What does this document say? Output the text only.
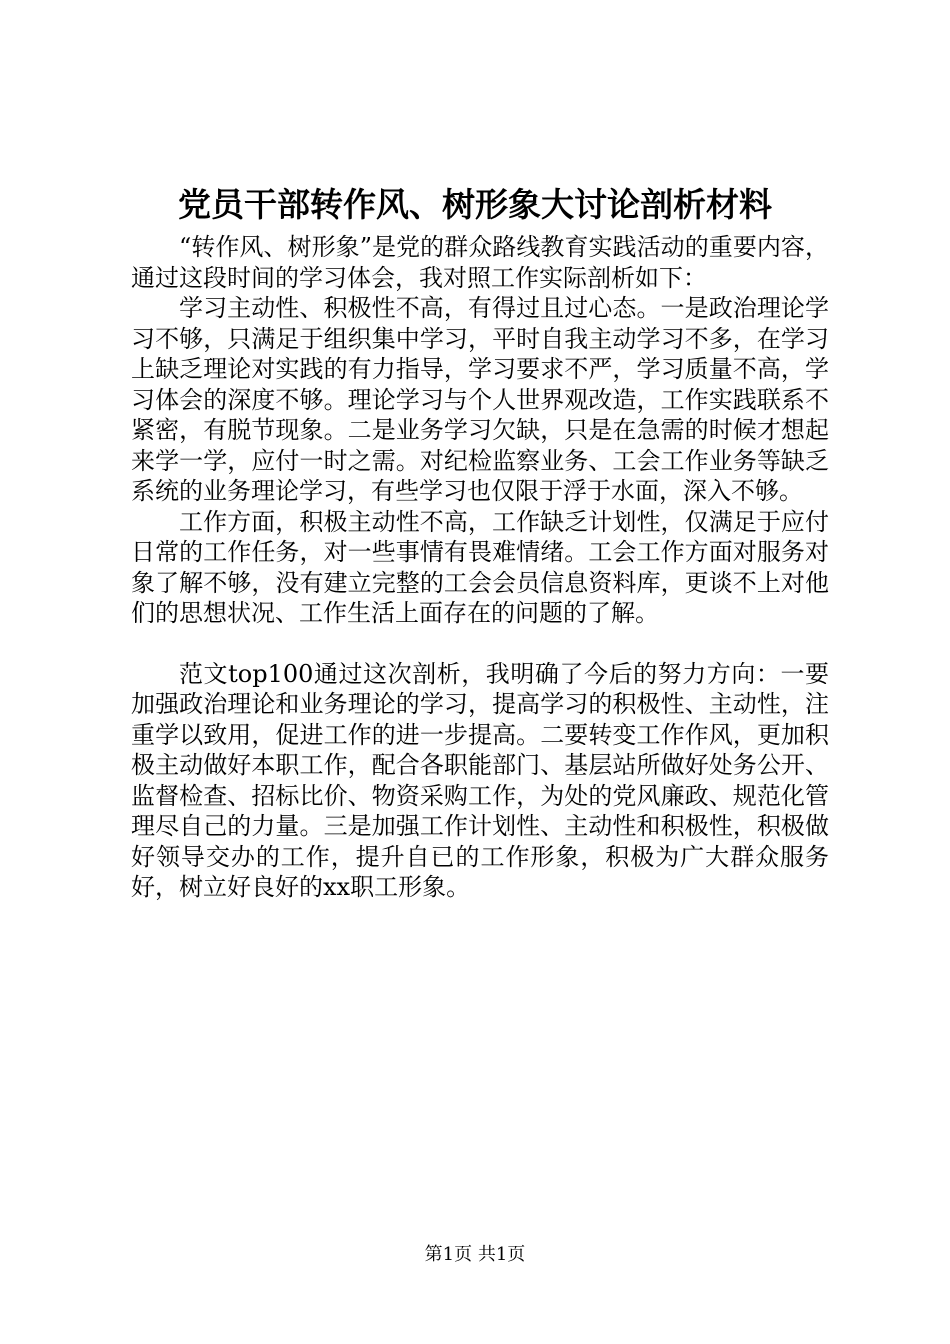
党员干部转作风、树形象大讨论剖析材料

“转作风、树形象”是党的群众路线教育实践活动的重要内容，通过这段时间的学习体会，我对照工作实际剖析如下：

学习主动性、积极性不高，有得过且过心态。一是政治理论学习不够，只满足于组织集中学习，平时自我主动学习不多，在学习上缺乏理论对实践的有力指导，学习要求不严，学习质量不高，学习体会的深度不够。理论学习与个人世界观改造，工作实践联系不紧密，有脱节现象。二是业务学习欠缺，只是在急需的时候才想起来学一学，应付一时之需。对纪检监察业务、工会工作业务等缺乏系统的业务理论学习，有些学习也仅限于浮于水面，深入不够。

工作方面，积极主动性不高，工作缺乏计划性，仅满足于应付日常的工作任务，对一些事情有畏难情绪。工会工作方面对服务对象了解不够，没有建立完整的工会会员信息资料库，更谈不上对他们的思想状况、工作生活上面存在的问题的了解。

范文top100通过这次剖析，我明确了今后的努力方向：一要加强政治理论和业务理论的学习，提高学习的积极性、主动性，注重学以致用，促进工作的进一步提高。二要转变工作作风，更加积极主动做好本职工作，配合各职能部门、基层站所做好处务公开、监督检查、招标比价、物资采购工作，为处的党风廉政、规范化管理尽自己的力量。三是加强工作计划性、主动性和积极性，积极做好领导交办的工作，提升自已的工作形象，积极为广大群众服务好，树立好良好的xx职工形象。

第1页 共1页
